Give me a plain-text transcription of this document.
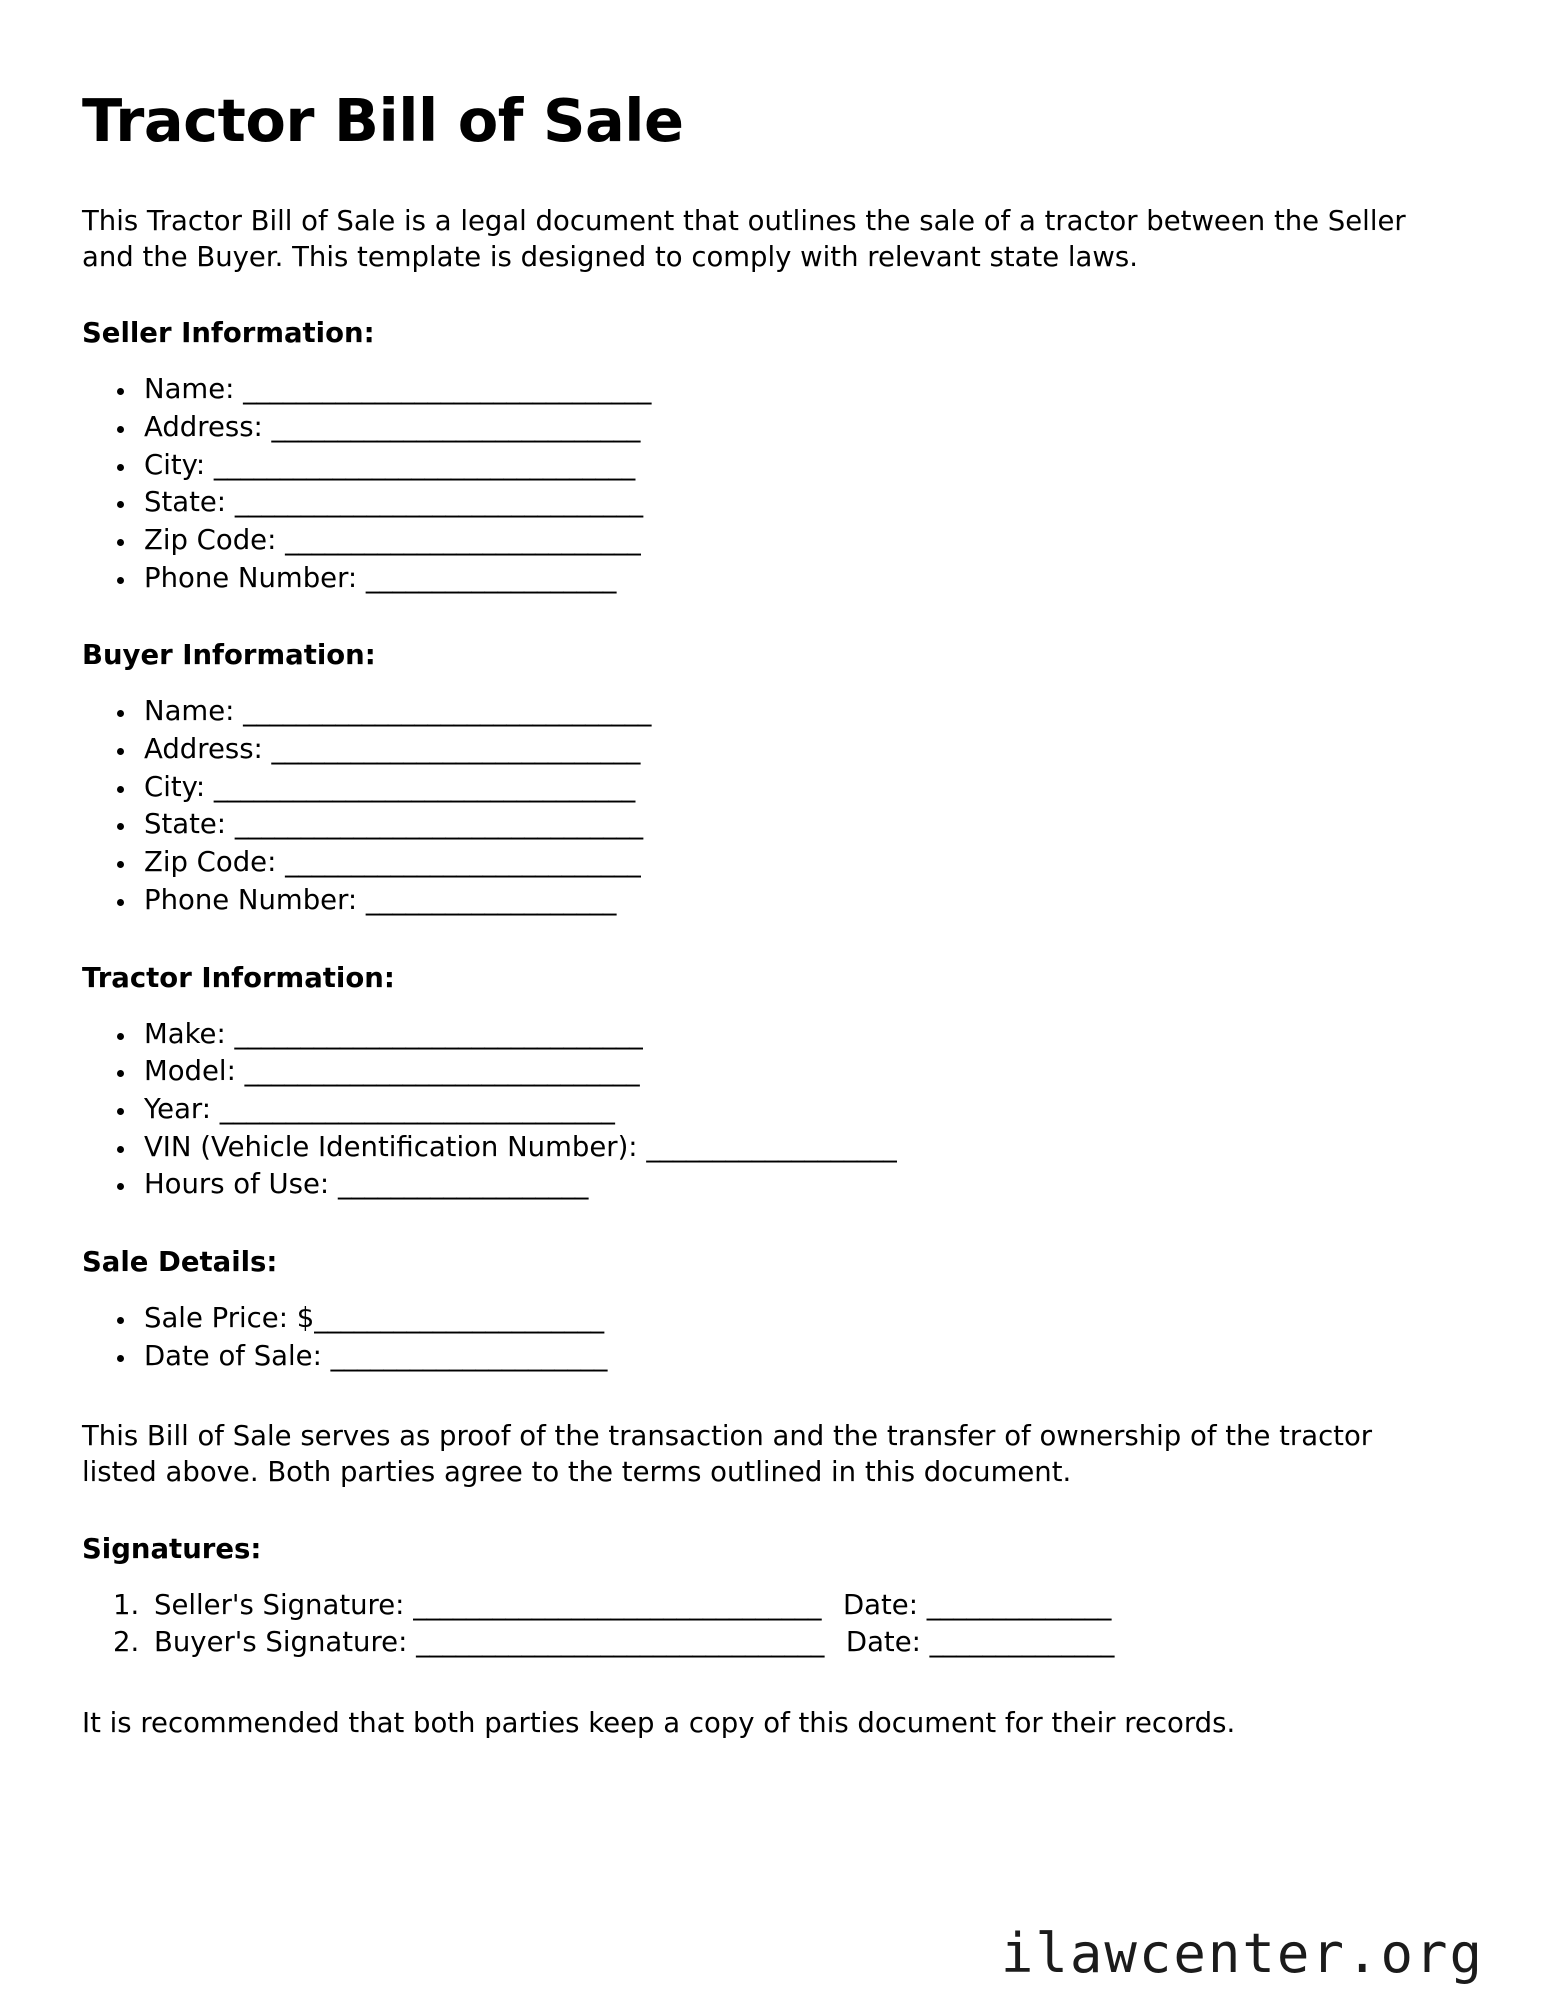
Tractor Bill of Sale

This Tractor Bill of Sale is a legal document that outlines the sale of a tractor between the Seller and the Buyer. This template is designed to comply with relevant state laws.

Seller Information:
• Name: _______________________________
• Address: ____________________________
• City: ________________________________
• State: _______________________________
• Zip Code: ___________________________
• Phone Number: ___________________
Buyer Information:
• Name: _______________________________
• Address: ____________________________
• City: ________________________________
• State: _______________________________
• Zip Code: ___________________________
• Phone Number: ___________________
Tractor Information:
• Make: _______________________________
• Model: ______________________________
• Year: ______________________________
• VIN (Vehicle Identification Number): ___________________
• Hours of Use: ___________________
Sale Details:
• Sale Price: $______________________
• Date of Sale: _____________________

This Bill of Sale serves as proof of the transaction and the transfer of ownership of the tractor listed above. Both parties agree to the terms outlined in this document.

Signatures:
1. Seller's Signature: _______________________________ Date: ______________
2. Buyer's Signature: _______________________________ Date: ______________

It is recommended that both parties keep a copy of this document for their records.

ilawcenter.org
